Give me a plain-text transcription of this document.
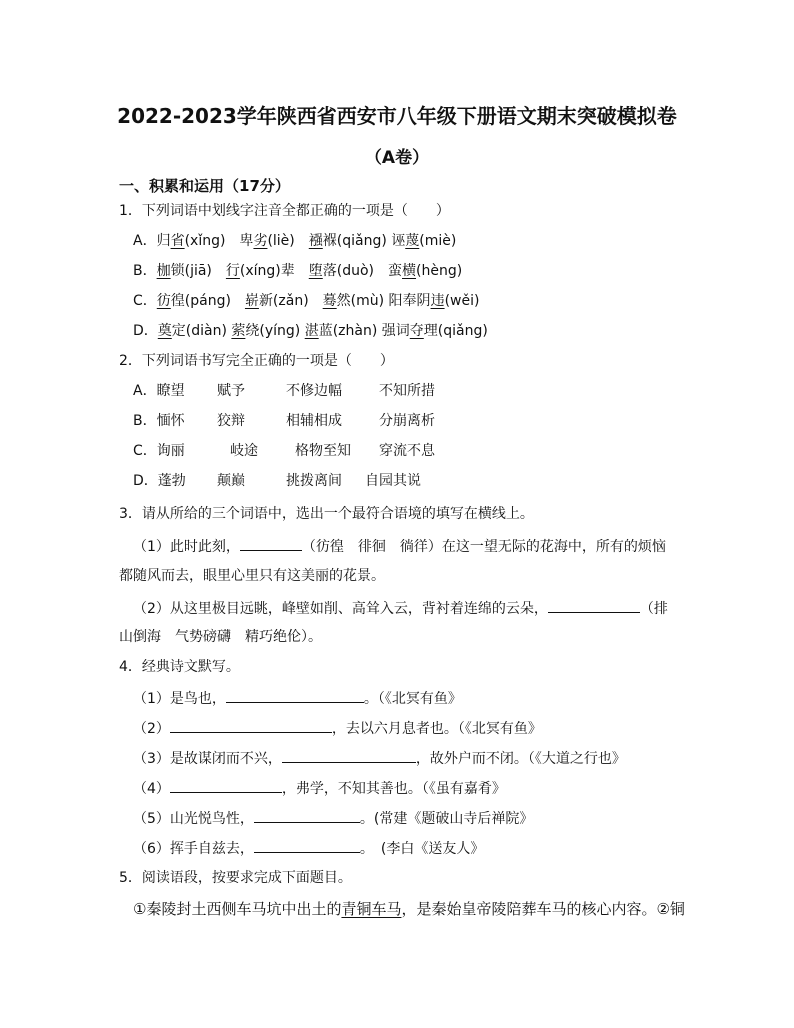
2022-2023学年陕西省西安市八年级下册语文期末突破模拟卷
（A卷）
一、积累和运用（17分）
1．下列词语中划线字注音全都正确的一项是（　　）
A．归省(xǐng)　卑劣(liè)　襁褓(qiǎng) 诬蔑(miè)
B．枷锁(jiā)　行(xíng)辈　堕落(duò)　蛮横(hèng)
C．彷徨(páng)　崭新(zǎn)　蓦然(mù) 阳奉阴违(wěi)
D．奠定(diàn) 萦绕(yíng) 湛蓝(zhàn) 强词夺理(qiǎng)
2．下列词语书写完全正确的一项是（　　）
A．瞭望 赋予	不修边幅	不知所措
B．愐怀 狡辩	相辅相成	分崩离析
C．询丽	岐途	格物至知 穿流不息
D．蓬勃 颠巅	挑拨离间 自园其说
3．请从所给的三个词语中，选出一个最符合语境的填写在横线上。
（1）此时此刻，	（彷徨　徘徊　徜徉）在这一望无际的花海中，所有的烦恼
都随风而去，眼里心里只有这美丽的花景。
（2）从这里极目远眺，峰壁如削、高耸入云，背衬着连绵的云朵，	（排
山倒海　气势磅礴　精巧绝伦）。
4．经典诗文默写。
（1）是鸟也，	。（《北冥有鱼》
（2）	，去以六月息者也。（《北冥有鱼》
（3）是故谋闭而不兴，	，故外户而不闭。（《大道之行也》
（4）	，弗学，不知其善也。（《虽有嘉肴》
（5）山光悦鸟性，	。(常建《题破山寺后禅院》
（6）挥手自兹去，	。　(李白《送友人》
5．阅读语段，按要求完成下面题目。
①秦陵封土西侧车马坑中出土的青铜车马，是秦始皇帝陵陪葬车马的核心内容。②铜
